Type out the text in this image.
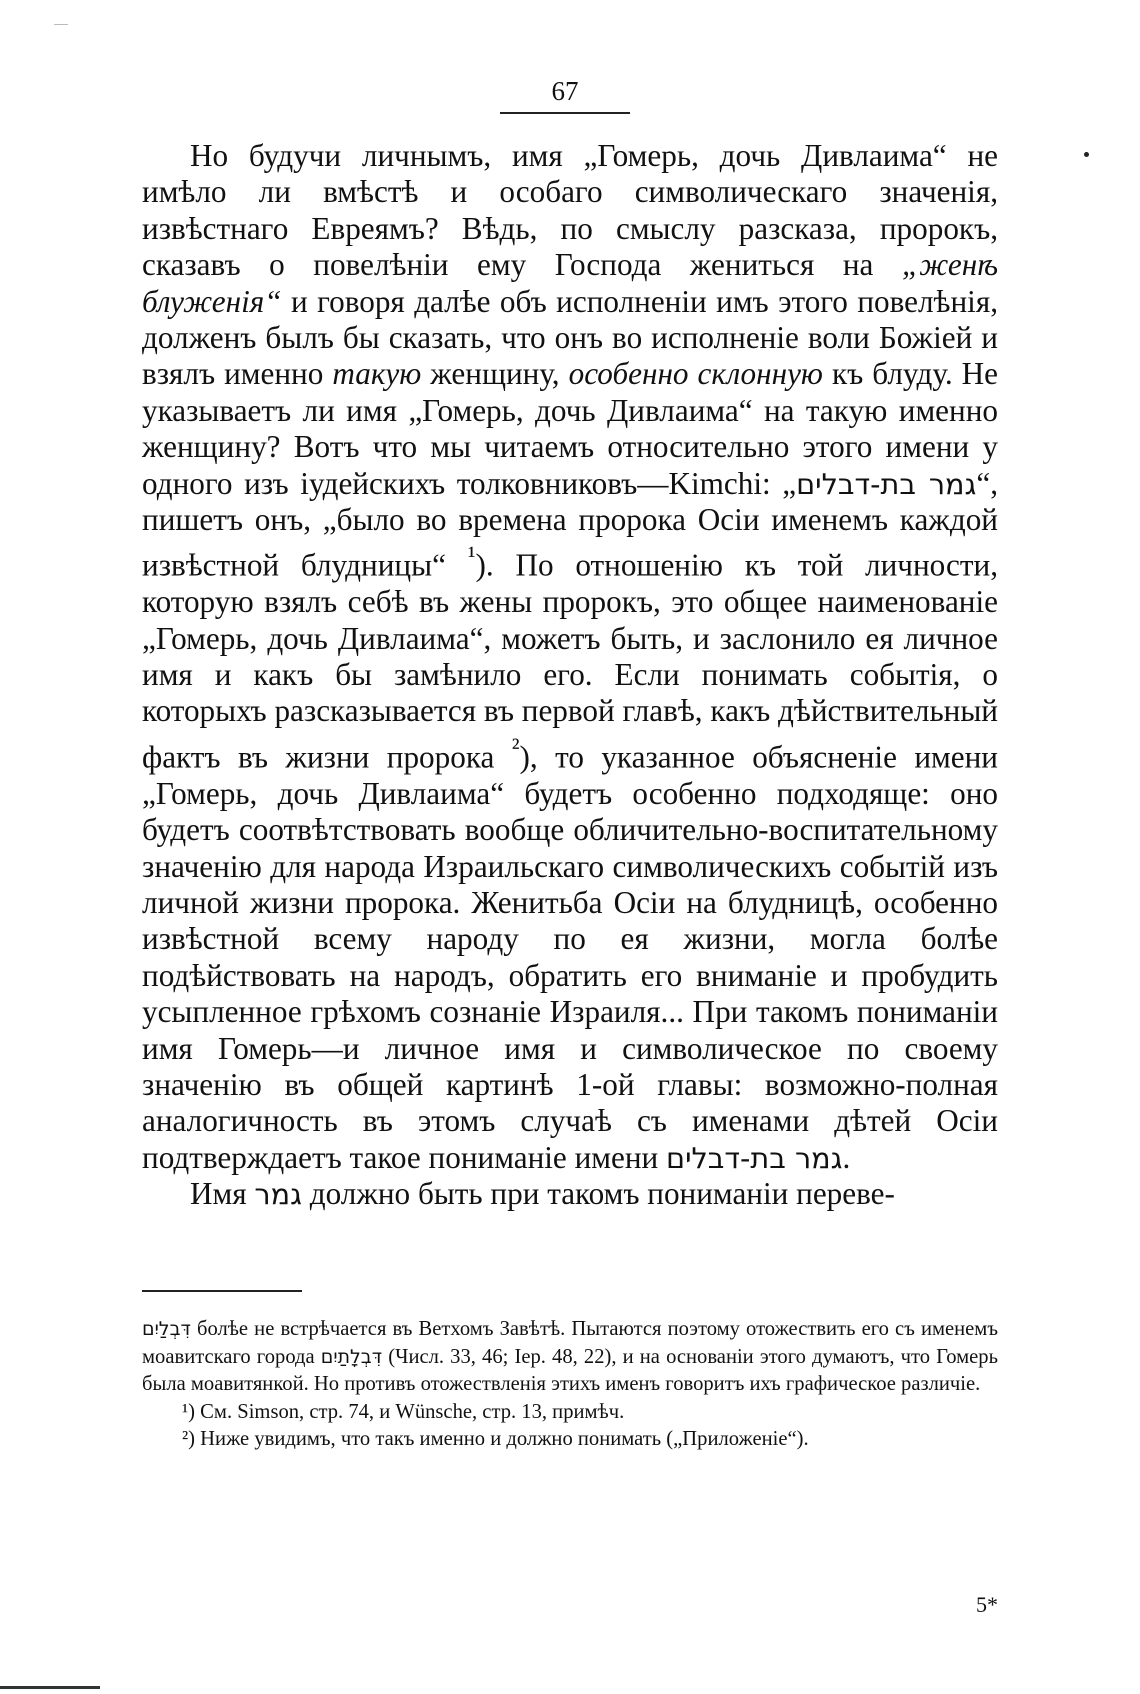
67

Но будучи личнымъ, имя „Гомерь, дочь Дивлаима“ не имѣло ли вмѣстѣ и особаго символическаго значенія, извѣстнаго Евреямъ? Вѣдь, по смыслу разсказа, пророкъ, сказавъ о повелѣніи ему Господа жениться на „женѣ блуженія“ и говоря далѣе объ исполненіи имъ этого повелѣнія, долженъ былъ бы сказать, что онъ во исполненіе воли Божіей и взялъ именно такую женщину, особенно склонную къ блуду. Не указываетъ ли имя „Гомерь, дочь Дивлаима“ на такую именно женщину? Вотъ что мы читаемъ относительно этого имени у одного изъ іудейскихъ толковниковъ—Kimchi: „גמר בת-דבלים“, пишетъ онъ, „было во времена пророка Осіи именемъ каждой извѣстной блудницы“ $^{^1}$). По отношенію къ той личности, которую взялъ себѣ въ жены пророкъ, это общее наименованіе „Гомерь, дочь Дивлаима“, можетъ быть, и заслонило ея личное имя и какъ бы замѣнило его. Если понимать событія, о которыхъ разсказывается въ первой главѣ, какъ дѣйствительный фактъ въ жизни пророка $^{^2}$), то указанное объясненіе имени „Гомерь, дочь Дивлаима“ будетъ особенно подходяще: оно будетъ соотвѣтствовать вообще обличительно-воспитательному значенію для народа Израильскаго символическихъ событій изъ личной жизни пророка. Женитьба Осіи на блудницѣ, особенно извѣстной всему народу по ея жизни, могла болѣе подѣйствовать на народъ, обратить его вниманіе и пробудить усыпленное грѣхомъ сознаніе Израиля... При такомъ пониманіи имя Гомерь—и личное имя и символическое по своему значенію въ общей картинѣ 1-ой главы: возможно-полная аналогичность въ этомъ случаѣ съ именами дѣтей Осіи подтверждаетъ такое пониманіе имени גמר בת-דבלים.

Имя גמר должно быть при такомъ пониманіи переве-

דִּבְלַיִם болѣе не встрѣчается въ Ветхомъ Завѣтѣ. Пытаются поэтому отожествить его съ именемъ моавитскаго города דִּבְלָתַיִם (Числ. 33, 46; Іер. 48, 22), и на основаніи этого думаютъ, что Гомерь была моавитянкой. Но противъ отожествленія этихъ именъ говоритъ ихъ графическое различіе.

¹) См. Simson, стр. 74, и Wünsche, стр. 13, примѣч.

²) Ниже увидимъ, что такъ именно и должно понимать („Приложеніе“).

5*
